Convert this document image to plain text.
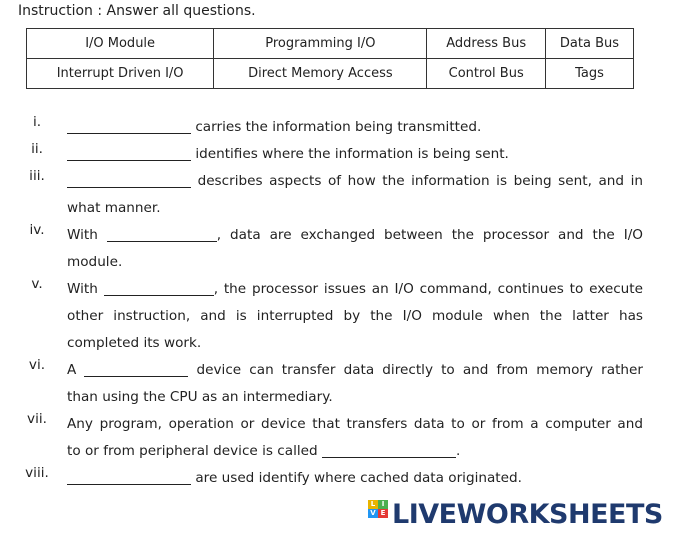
Instruction : Answer all questions.
I/O Module	Programming I/O	Address Bus	Data Bus
Interrupt Driven I/O	Direct Memory Access	Control Bus	Tags
i.	carries the information being transmitted.
ii.	identifies where the information is being sent.
iii.	describes aspects of how the information is being sent, and in
what manner.
iv.	With	, data are exchanged between the processor and the I/O
module.
v.	With	, the processor issues an I/O command, continues to execute
other instruction, and is interrupted by the I/O module when the latter has
completed its work.
vi.	A	device can transfer data directly to and from memory rather
than using the CPU as an intermediary.
vii.	Any program, operation or device that transfers data to or from a computer and
to or from peripheral device is called	.
viii.	are used identify where cached data originated.
L I
V E LIVEWORKSHEETS
